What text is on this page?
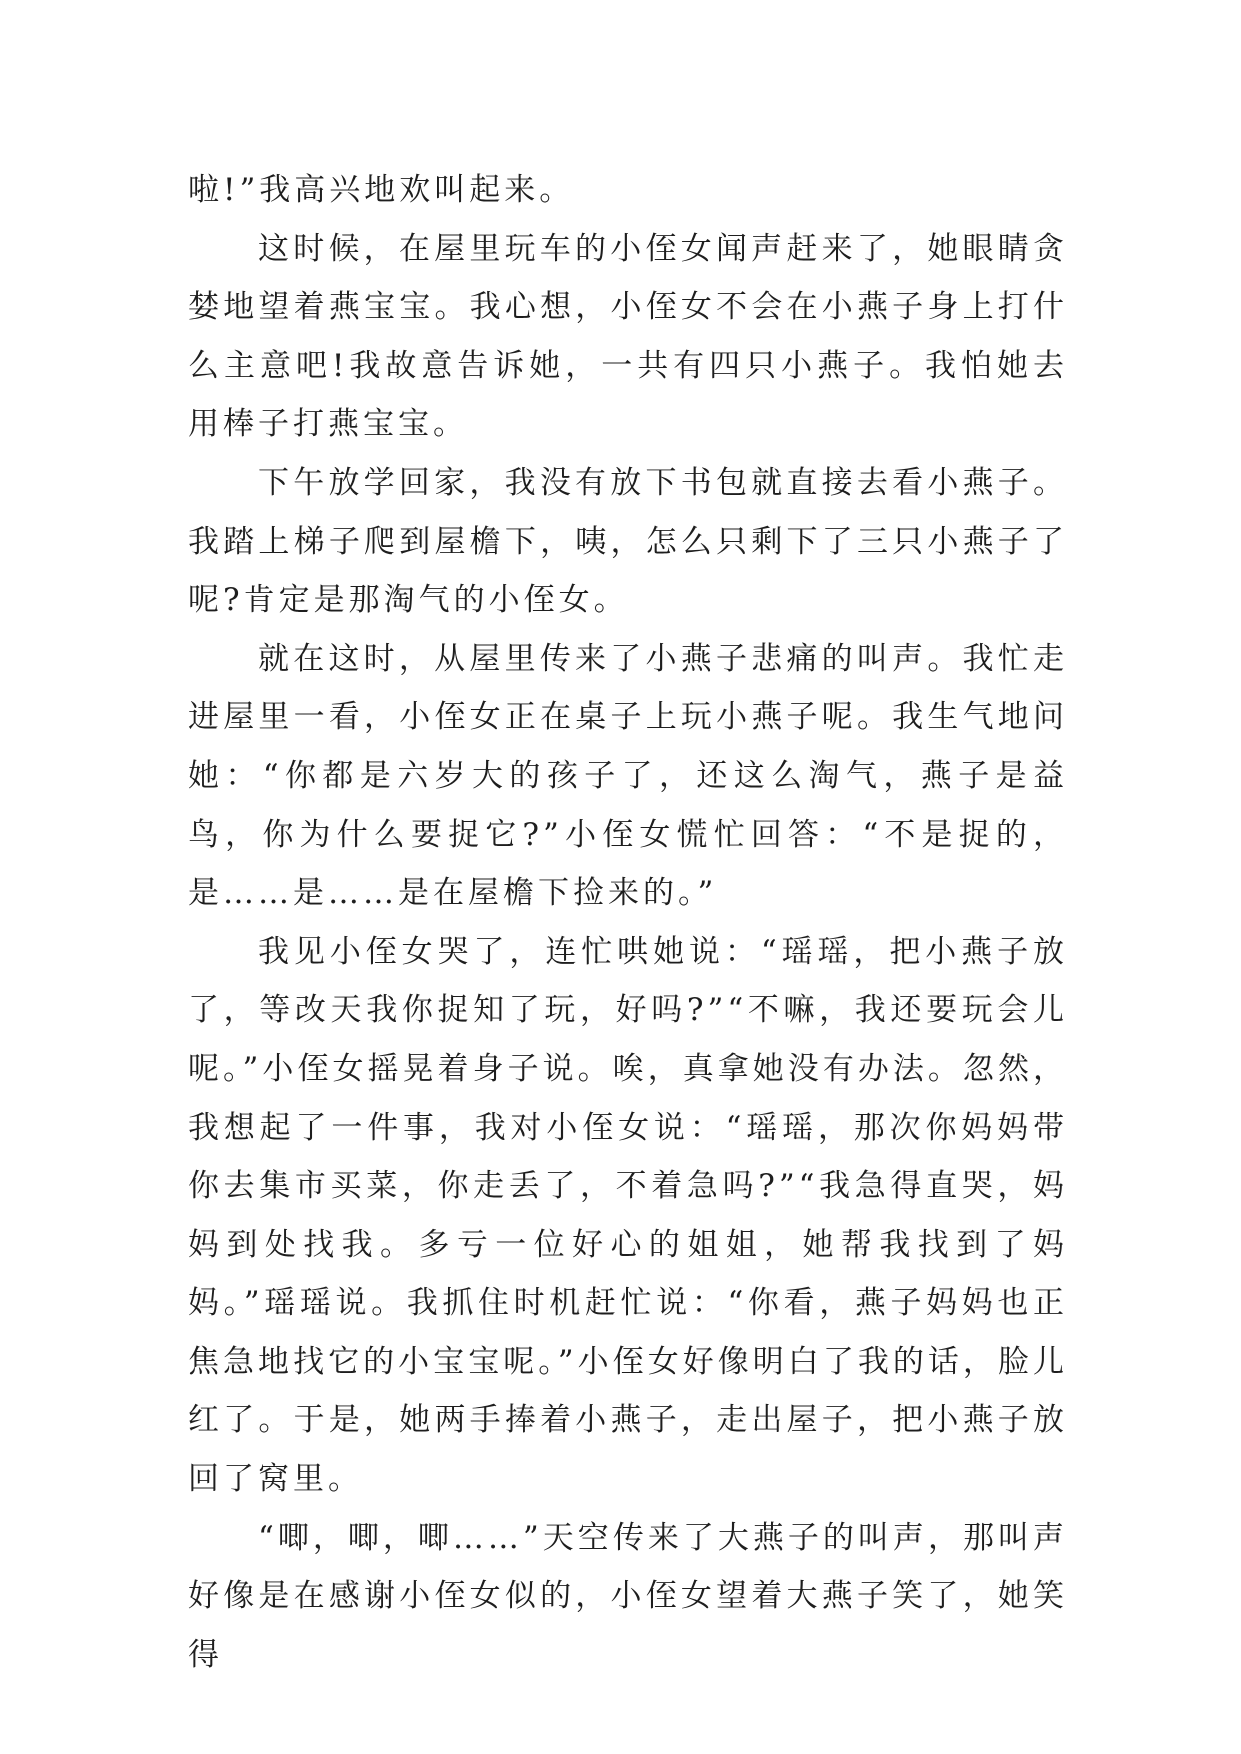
啦!”我高兴地欢叫起来。

这时候，在屋里玩车的小侄女闻声赶来了，她眼睛贪婪地望着燕宝宝。我心想，小侄女不会在小燕子身上打什么主意吧!我故意告诉她，一共有四只小燕子。我怕她去用棒子打燕宝宝。

下午放学回家，我没有放下书包就直接去看小燕子。我踏上梯子爬到屋檐下，咦，怎么只剩下了三只小燕子了呢?肯定是那淘气的小侄女。

就在这时，从屋里传来了小燕子悲痛的叫声。我忙走进屋里一看，小侄女正在桌子上玩小燕子呢。我生气地问她：“你都是六岁大的孩子了，还这么淘气，燕子是益鸟，你为什么要捉它?”小侄女慌忙回答：“不是捉的，是……是……是在屋檐下捡来的。”

我见小侄女哭了，连忙哄她说：“瑶瑶，把小燕子放了，等改天我你捉知了玩，好吗?”“不嘛，我还要玩会儿呢。”小侄女摇晃着身子说。唉，真拿她没有办法。忽然，我想起了一件事，我对小侄女说：“瑶瑶，那次你妈妈带你去集市买菜，你走丢了，不着急吗?”“我急得直哭，妈妈到处找我。多亏一位好心的姐姐，她帮我找到了妈妈。”瑶瑶说。我抓住时机赶忙说：“你看，燕子妈妈也正焦急地找它的小宝宝呢。”小侄女好像明白了我的话，脸儿红了。于是，她两手捧着小燕子，走出屋子，把小燕子放回了窝里。

“唧，唧，唧……”天空传来了大燕子的叫声，那叫声好像是在感谢小侄女似的，小侄女望着大燕子笑了，她笑得
